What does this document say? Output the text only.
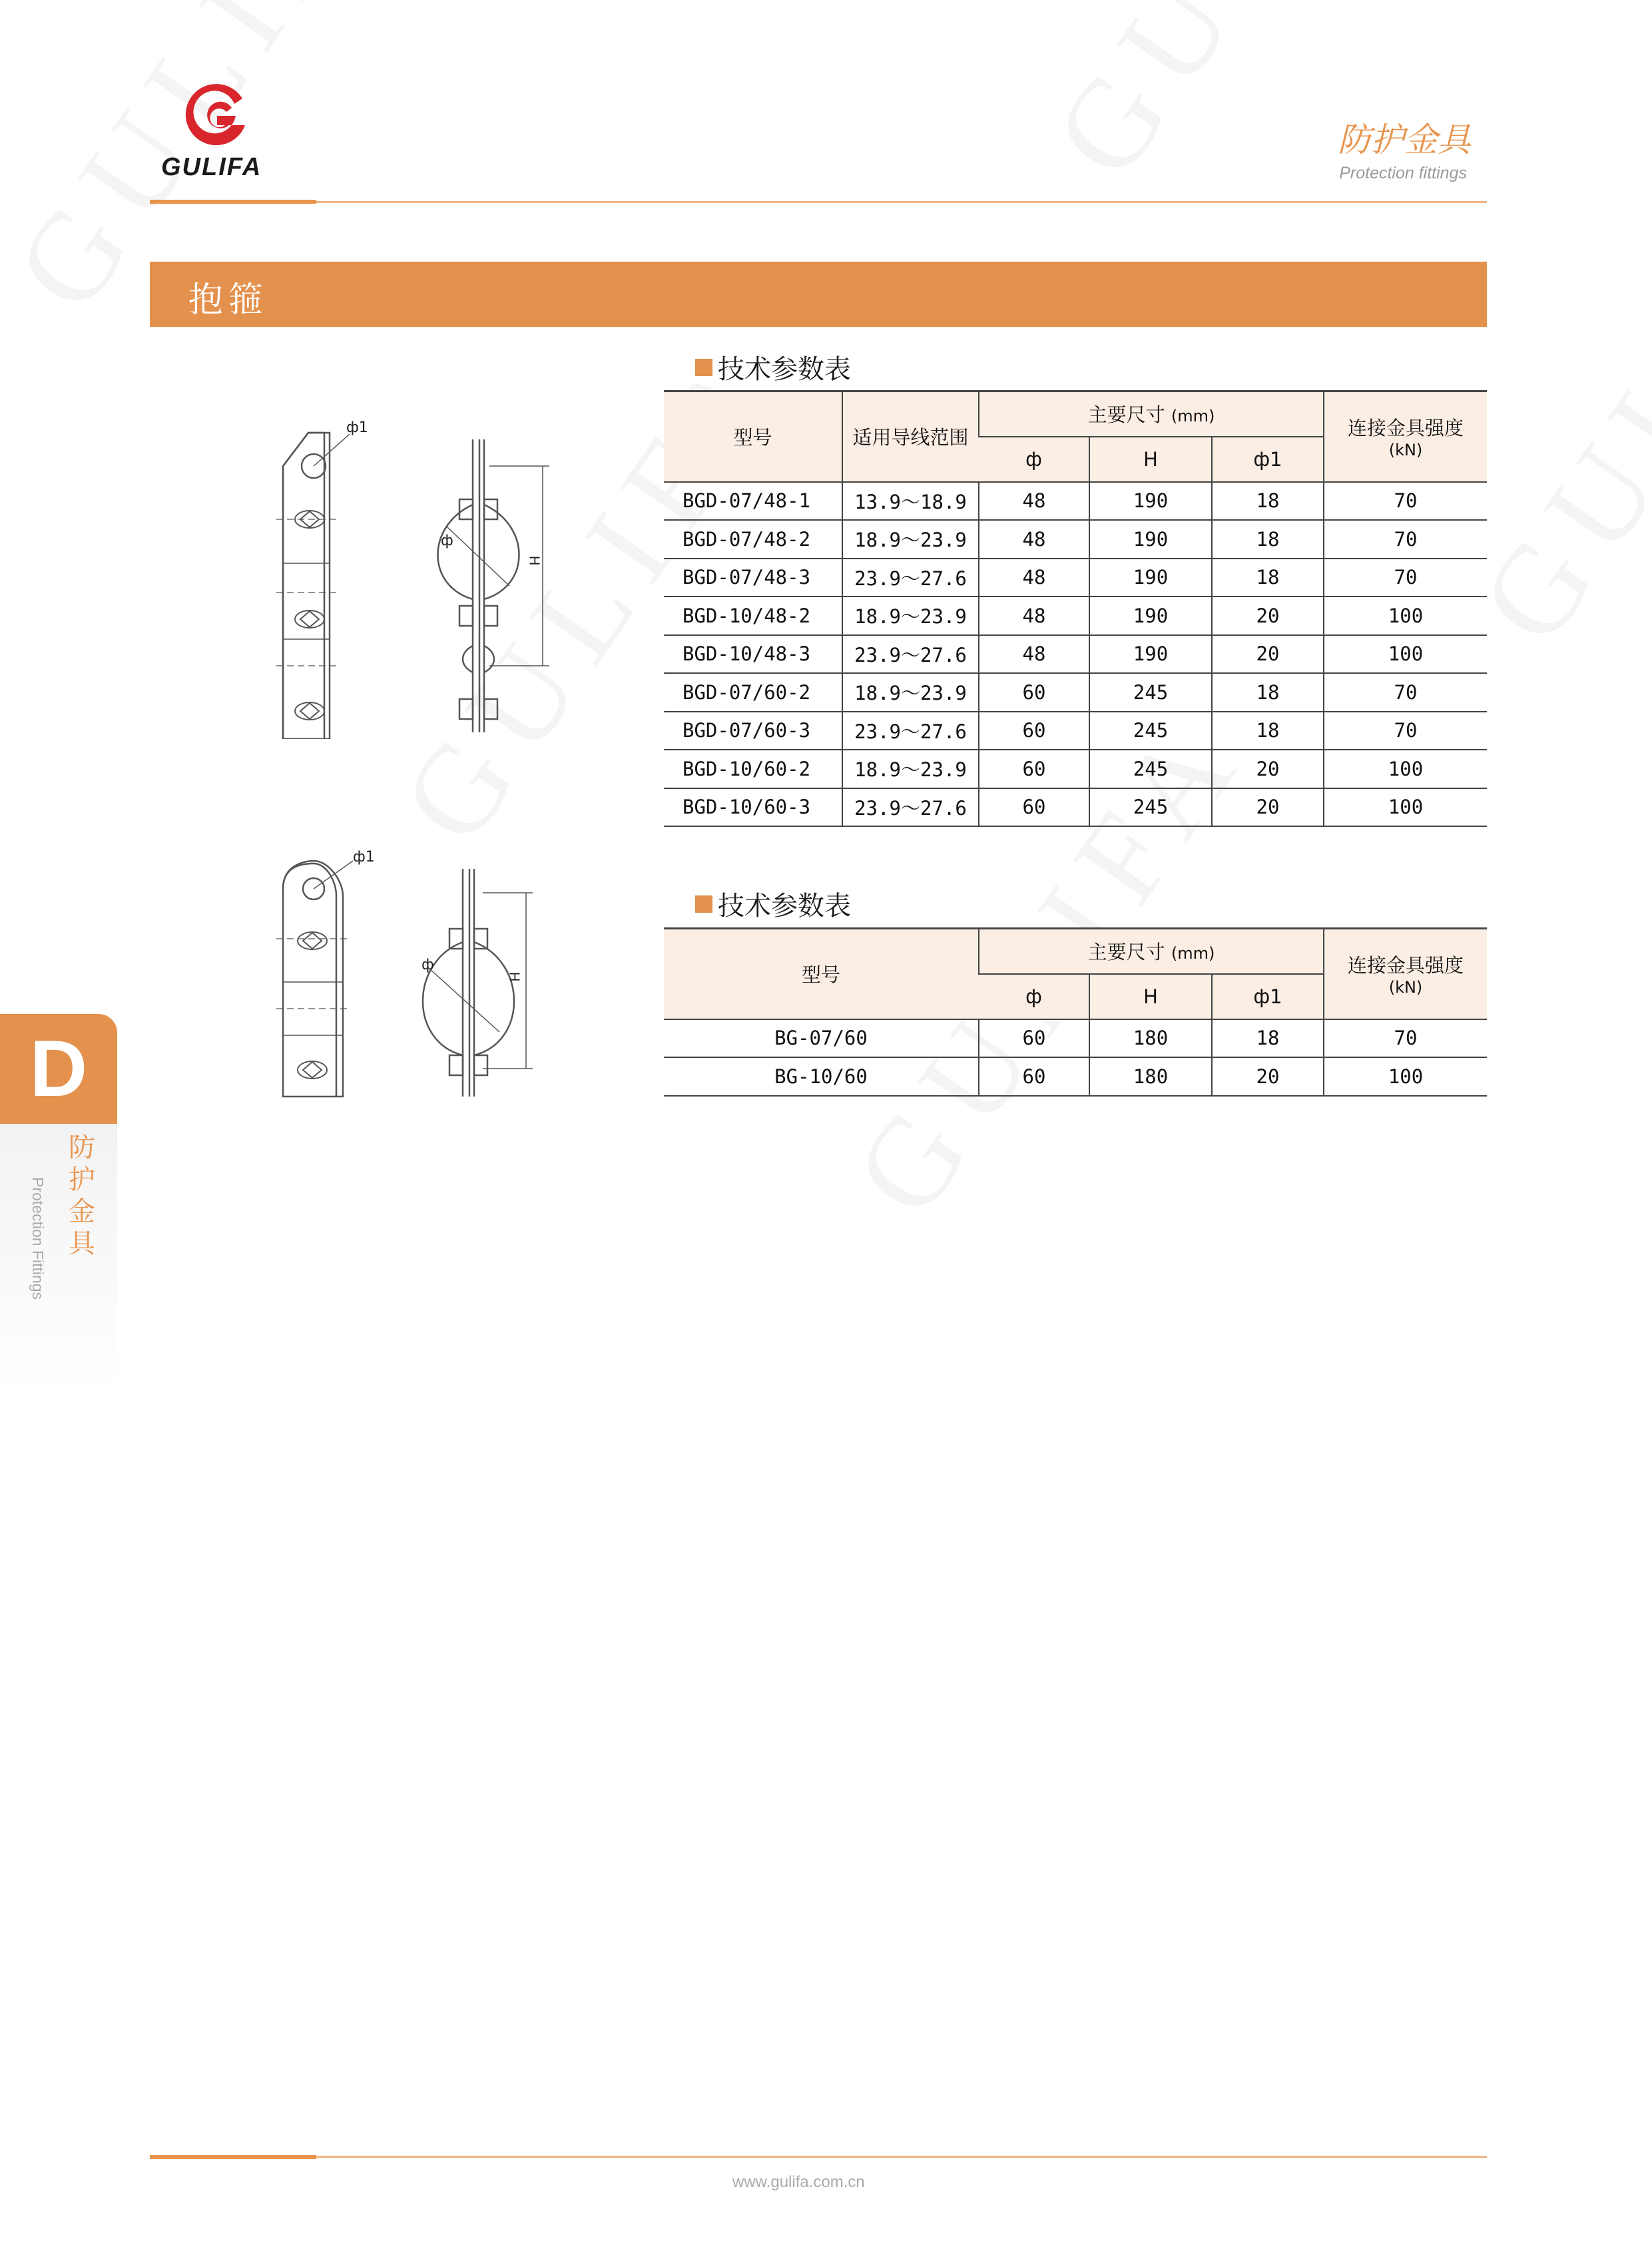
GULIFA
防护金具
Protection fittings
抱箍
ф1
ф
H
ф1
ф
H
技术参数表
型号	适用导线范围	主要尺寸 (mm)			连接金具强度
(kN)

		ф	H	ф1	
BGD-07/48-1	13.9～18.9	48	190	18	70
BGD-07/48-2	18.9～23.9	48	190	18	70
BGD-07/48-3	23.9～27.6	48	190	18	70
BGD-10/48-2	18.9～23.9	48	190	20	100
BGD-10/48-3	23.9～27.6	48	190	20	100
BGD-07/60-2	18.9～23.9	60	245	18	70
BGD-07/60-3	23.9～27.6	60	245	18	70
BGD-10/60-2	18.9～23.9	60	245	20	100
BGD-10/60-3	23.9～27.6	60	245	20	100
技术参数表
型号	主要尺寸 (mm)			连接金具强度
(kN)

	ф	H	ф1	
BG-07/60	60	180	18	70
BG-10/60	60	180	20	100
D
防护金具
Protection Fittings
www.gulifa.com.cn
